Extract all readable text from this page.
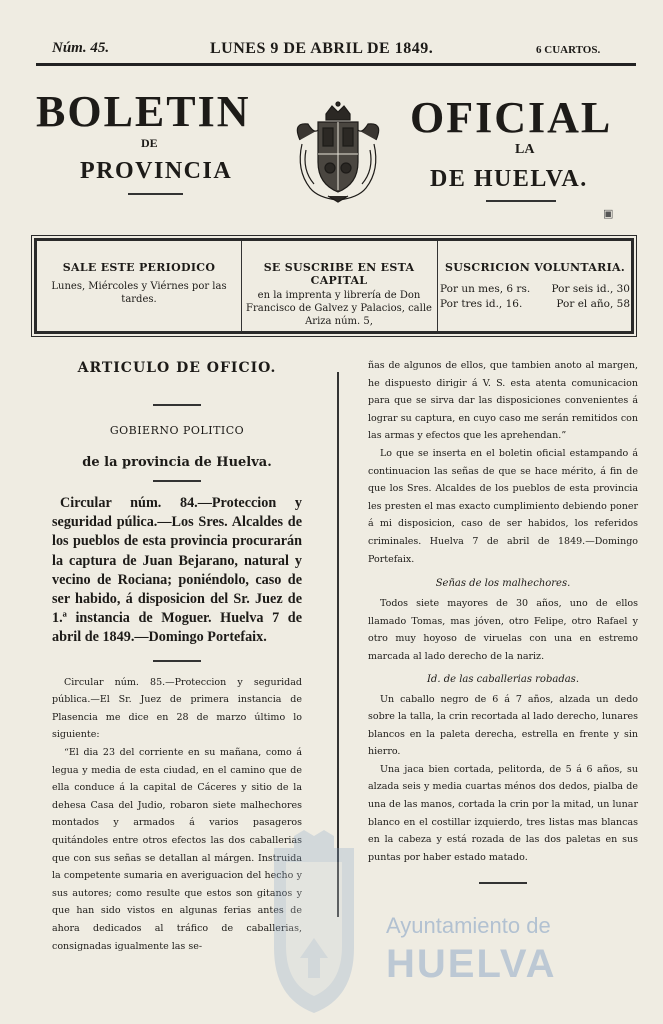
Núm. 45.	LUNES 9 DE ABRIL DE 1849.	6 CUARTOS.
BOLETIN	OFICIAL
DE	LA
PROVINCIA	DE HUELVA.
▣
SALE ESTE PERIODICO
Lunes, Miércoles y Viérnes por las tardes.
SE SUSCRIBE EN ESTA CAPITAL
en la imprenta y librería de Don Francisco de Galvez y Palacios, calle Ariza núm. 5,
SUSCRICION VOLUNTARIA.
Por un mes, 6 rs. Por seis id., 30
Por tres id., 16.	Por el año, 58
ARTICULO DE OFICIO.
GOBIERNO POLITICO
de la provincia de Huelva.
Circular núm. 84.—Proteccion y seguridad púlica.—Los Sres. Alcaldes de los pueblos de esta provincia procurarán la captura de Juan Bejarano, natural y vecino de Rociana; poniéndolo, caso de ser habido, á disposicion del Sr. Juez de 1.ª instancia de Moguer. Huelva 7 de abril de 1849.—Domingo Portefaix.
Circular núm. 85.—Proteccion y seguridad pública.—El Sr. Juez de primera instancia de Plasencia me dice en 28 de marzo último lo siguiente:
“El dia 23 del corriente en su mañana, como á legua y media de esta ciudad, en el camino que de ella conduce á la capital de Cáceres y sitio de la dehesa Casa del Judio, robaron siete malhechores montados y armados á varios pasageros quitándoles entre otros efectos las dos caballerias que con sus señas se detallan al márgen. Instruida la competente sumaria en averiguacion del hecho y sus autores; como resulte que estos son gitanos y que han sido vistos en algunas ferias antes de ahora dedicados al tráfico de caballerias, consignadas igualmente las se-
ñas de algunos de ellos, que tambien anoto al margen, he dispuesto dirigir á V. S. esta atenta comunicacion para que se sirva dar las disposiciones convenientes á lograr su captura, en cuyo caso me serán remitidos con las armas y efectos que les aprehendan.”
Lo que se inserta en el boletin oficial estampando á continuacion las señas de que se hace mérito, á fin de que los Sres. Alcaldes de los pueblos de esta provincia les presten el mas exacto cumplimiento debiendo poner á mi disposicion, caso de ser habidos, los referidos criminales. Huelva 7 de abril de 1849.—Domingo Portefaix.
Señas de los malhechores.
Todos siete mayores de 30 años, uno de ellos llamado Tomas, mas jóven, otro Felipe, otro Rafael y otro muy hoyoso de viruelas con una en estremo marcada al lado derecho de la nariz.
Id. de las caballerias robadas.
Un caballo negro de 6 á 7 años, alzada un dedo sobre la talla, la crin recortada al lado derecho, lunares blancos en la paleta derecha, estrella en frente y sin hierro.
Una jaca bien cortada, pelitorda, de 5 á 6 años, su alzada seis y media cuartas ménos dos dedos, pialba de una de las manos, cortada la crin por la mitad, un lunar blanco en el costillar izquierdo, tres listas mas blancas en la cabeza y está rozada de las dos paletas en sus puntas por haber estado matado.
Ayuntamiento de
HUELVA
